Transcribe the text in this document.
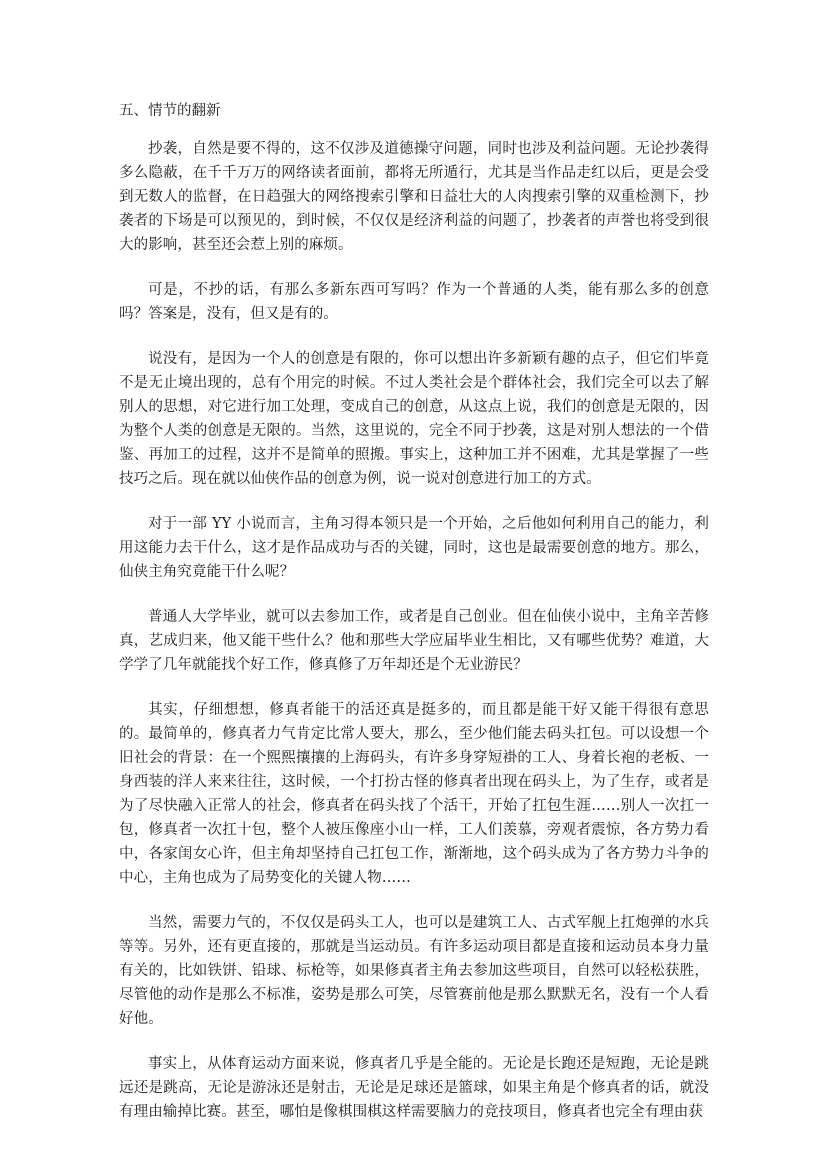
五、情节的翻新

抄袭，自然是要不得的，这不仅涉及道德操守问题，同时也涉及利益问题。无论抄袭得多么隐蔽，在千千万万的网络读者面前，都将无所遁行，尤其是当作品走红以后，更是会受到无数人的监督，在日趋强大的网络搜索引擎和日益壮大的人肉搜索引擎的双重检测下，抄袭者的下场是可以预见的，到时候，不仅仅是经济利益的问题了，抄袭者的声誉也将受到很大的影响，甚至还会惹上别的麻烦。

可是，不抄的话，有那么多新东西可写吗？作为一个普通的人类，能有那么多的创意吗？答案是，没有，但又是有的。

说没有，是因为一个人的创意是有限的，你可以想出许多新颖有趣的点子，但它们毕竟不是无止境出现的，总有个用完的时候。不过人类社会是个群体社会，我们完全可以去了解别人的思想，对它进行加工处理，变成自己的创意，从这点上说，我们的创意是无限的，因为整个人类的创意是无限的。当然，这里说的，完全不同于抄袭，这是对别人想法的一个借鉴、再加工的过程，这并不是简单的照搬。事实上，这种加工并不困难，尤其是掌握了一些技巧之后。现在就以仙侠作品的创意为例，说一说对创意进行加工的方式。

对于一部 YY 小说而言，主角习得本领只是一个开始，之后他如何利用自己的能力，利用这能力去干什么，这才是作品成功与否的关键，同时，这也是最需要创意的地方。那么，仙侠主角究竟能干什么呢？

普通人大学毕业，就可以去参加工作，或者是自己创业。但在仙侠小说中，主角辛苦修真，艺成归来，他又能干些什么？他和那些大学应届毕业生相比，又有哪些优势？难道，大学学了几年就能找个好工作，修真修了万年却还是个无业游民？

其实，仔细想想，修真者能干的活还真是挺多的，而且都是能干好又能干得很有意思的。最简单的，修真者力气肯定比常人要大，那么，至少他们能去码头扛包。可以设想一个旧社会的背景：在一个熙熙攘攘的上海码头，有许多身穿短褂的工人、身着长袍的老板、一身西装的洋人来来往往，这时候，一个打扮古怪的修真者出现在码头上，为了生存，或者是为了尽快融入正常人的社会，修真者在码头找了个活干，开始了扛包生涯……别人一次扛一包，修真者一次扛十包，整个人被压像座小山一样，工人们羡慕，旁观者震惊，各方势力看中，各家闺女心许，但主角却坚持自己扛包工作，渐渐地，这个码头成为了各方势力斗争的中心，主角也成为了局势变化的关键人物……

当然，需要力气的，不仅仅是码头工人，也可以是建筑工人、古式军舰上扛炮弹的水兵等等。另外，还有更直接的，那就是当运动员。有许多运动项目都是直接和运动员本身力量有关的，比如铁饼、铅球、标枪等，如果修真者主角去参加这些项目，自然可以轻松获胜，尽管他的动作是那么不标准，姿势是那么可笑，尽管赛前他是那么默默无名，没有一个人看好他。

事实上，从体育运动方面来说，修真者几乎是全能的。无论是长跑还是短跑，无论是跳远还是跳高，无论是游泳还是射击，无论是足球还是篮球，如果主角是个修真者的话，就没有理由输掉比赛。甚至，哪怕是像棋围棋这样需要脑力的竞技项目，修真者也完全有理由获
